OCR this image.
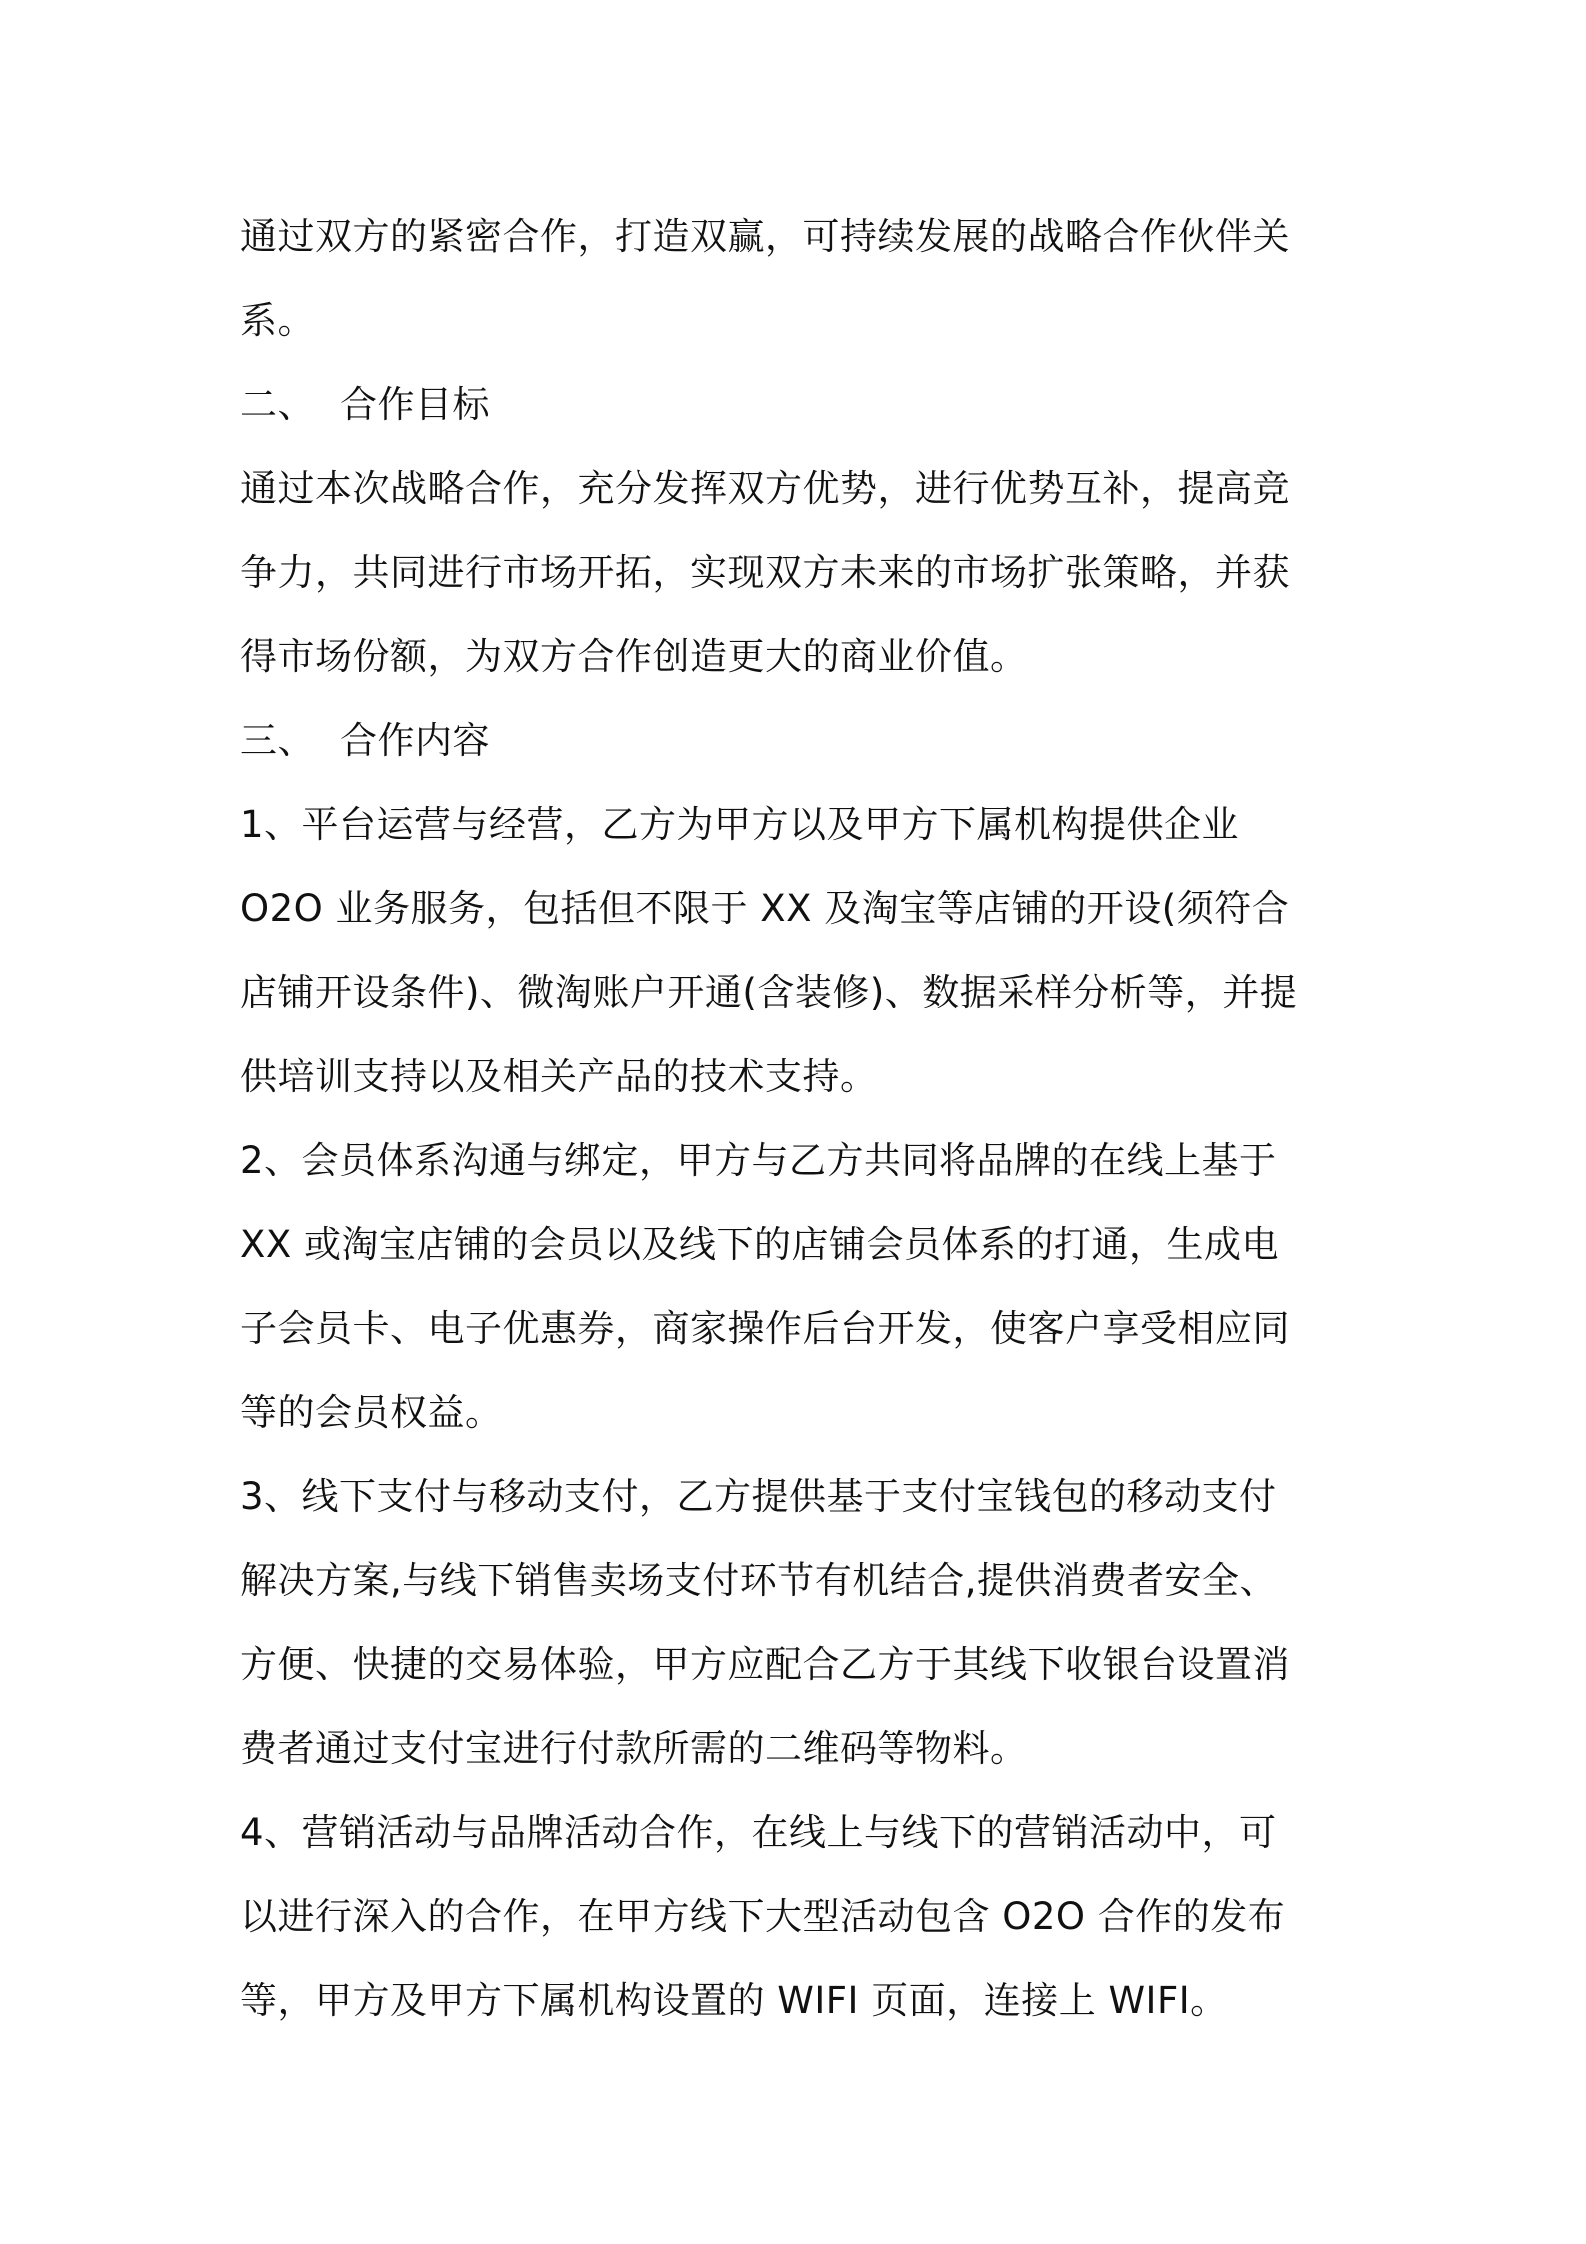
通过双方的紧密合作，打造双赢，可持续发展的战略合作伙伴关
系。
二、 合作目标
通过本次战略合作，充分发挥双方优势，进行优势互补，提高竞
争力，共同进行市场开拓，实现双方未来的市场扩张策略，并获
得市场份额，为双方合作创造更大的商业价值。
三、 合作内容
1、平台运营与经营，乙方为甲方以及甲方下属机构提供企业
O2O 业务服务，包括但不限于 XX 及淘宝等店铺的开设(须符合
店铺开设条件)、微淘账户开通(含装修)、数据采样分析等，并提
供培训支持以及相关产品的技术支持。
2、会员体系沟通与绑定，甲方与乙方共同将品牌的在线上基于
XX 或淘宝店铺的会员以及线下的店铺会员体系的打通，生成电
子会员卡、电子优惠券，商家操作后台开发，使客户享受相应同
等的会员权益。
3、线下支付与移动支付，乙方提供基于支付宝钱包的移动支付
解决方案,与线下销售卖场支付环节有机结合,提供消费者安全、
方便、快捷的交易体验，甲方应配合乙方于其线下收银台设置消
费者通过支付宝进行付款所需的二维码等物料。
4、营销活动与品牌活动合作，在线上与线下的营销活动中，可
以进行深入的合作，在甲方线下大型活动包含 O2O 合作的发布
等，甲方及甲方下属机构设置的 WIFI 页面，连接上 WIFI。
